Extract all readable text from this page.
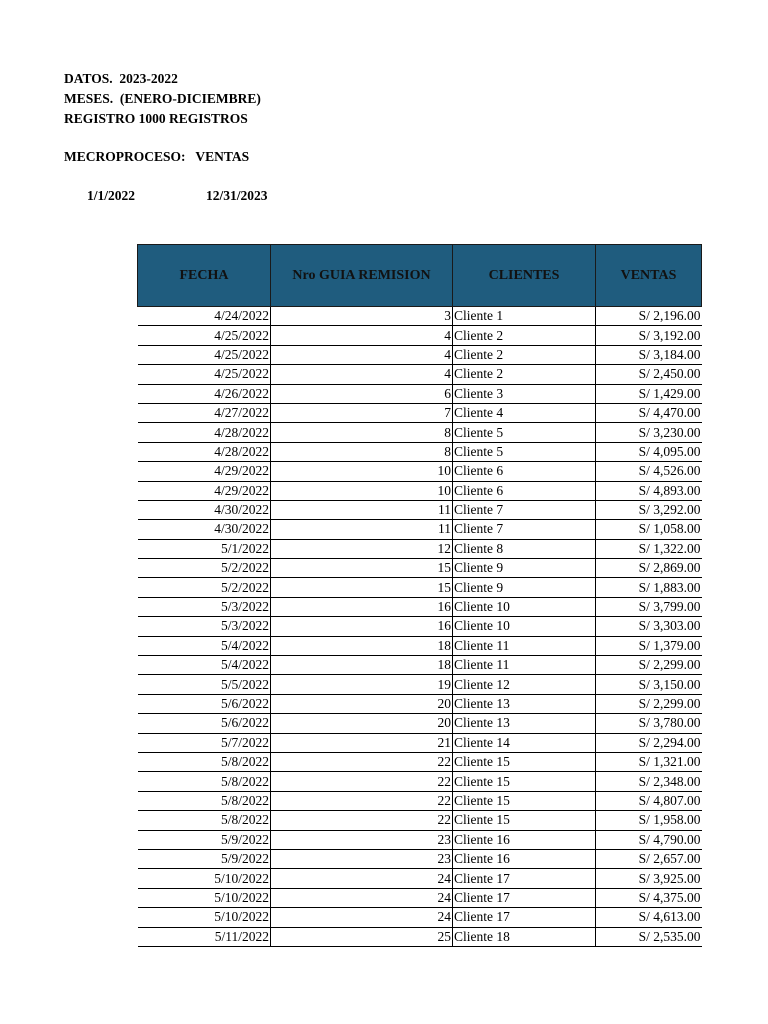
DATOS.  2023-2022
MESES.  (ENERO-DICIEMBRE)
REGISTRO 1000 REGISTROS
MECROPROCESO:   VENTAS
1/1/2022	12/31/2023
FECHA	Nro GUIA REMISION	CLIENTES	VENTAS
4/24/2022	3	Cliente 1	S/ 2,196.00
4/25/2022	4	Cliente 2	S/ 3,192.00
4/25/2022	4	Cliente 2	S/ 3,184.00
4/25/2022	4	Cliente 2	S/ 2,450.00
4/26/2022	6	Cliente 3	S/ 1,429.00
4/27/2022	7	Cliente 4	S/ 4,470.00
4/28/2022	8	Cliente 5	S/ 3,230.00
4/28/2022	8	Cliente 5	S/ 4,095.00
4/29/2022	10	Cliente 6	S/ 4,526.00
4/29/2022	10	Cliente 6	S/ 4,893.00
4/30/2022	11	Cliente 7	S/ 3,292.00
4/30/2022	11	Cliente 7	S/ 1,058.00
5/1/2022	12	Cliente 8	S/ 1,322.00
5/2/2022	15	Cliente 9	S/ 2,869.00
5/2/2022	15	Cliente 9	S/ 1,883.00
5/3/2022	16	Cliente 10	S/ 3,799.00
5/3/2022	16	Cliente 10	S/ 3,303.00
5/4/2022	18	Cliente 11	S/ 1,379.00
5/4/2022	18	Cliente 11	S/ 2,299.00
5/5/2022	19	Cliente 12	S/ 3,150.00
5/6/2022	20	Cliente 13	S/ 2,299.00
5/6/2022	20	Cliente 13	S/ 3,780.00
5/7/2022	21	Cliente 14	S/ 2,294.00
5/8/2022	22	Cliente 15	S/ 1,321.00
5/8/2022	22	Cliente 15	S/ 2,348.00
5/8/2022	22	Cliente 15	S/ 4,807.00
5/8/2022	22	Cliente 15	S/ 1,958.00
5/9/2022	23	Cliente 16	S/ 4,790.00
5/9/2022	23	Cliente 16	S/ 2,657.00
5/10/2022	24	Cliente 17	S/ 3,925.00
5/10/2022	24	Cliente 17	S/ 4,375.00
5/10/2022	24	Cliente 17	S/ 4,613.00
5/11/2022	25	Cliente 18	S/ 2,535.00
